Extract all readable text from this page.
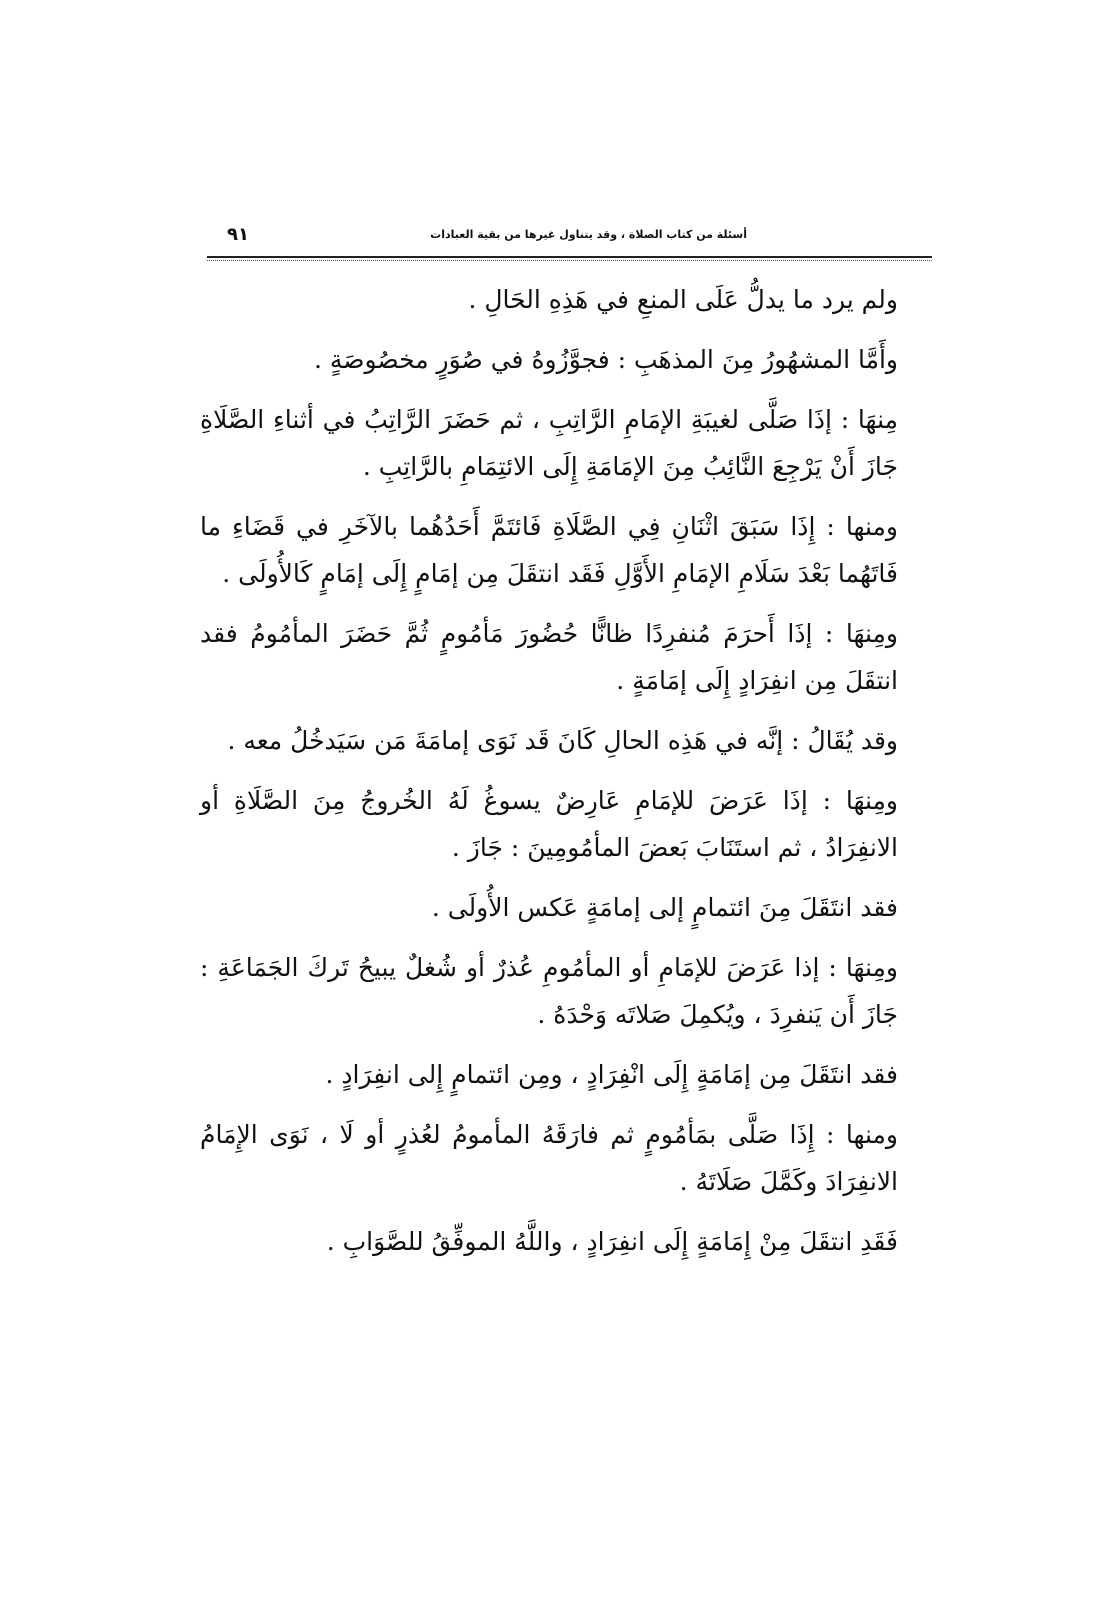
أسئلة من كتاب الصلاة ، وقد يتناول غيرها من بقية العبادات
٩١

ولم يرد ما يدلُّ عَلَى المنعِ في هَذِهِ الحَالِ .

وأَمَّا المشهُورُ مِنَ المذهَبِ : فجوَّزُوهُ في صُوَرٍ مخصُوصَةٍ .

مِنهَا : إذَا صَلَّى لغيبَةِ الإمَامِ الرَّاتِبِ ، ثم حَضَرَ الرَّاتِبُ في أثناءِ الصَّلَاةِ جَازَ أَنْ يَرْجِعَ النَّائِبُ مِنَ الإمَامَةِ إِلَى الائتِمَامِ بالرَّاتِبِ .

ومنها : إِذَا سَبَقَ اثْنَانِ فِي الصَّلَاةِ فَائتَمَّ أَحَدُهُما بالآخَرِ في قَضَاءِ ما فَاتَهُما بَعْدَ سَلَامِ الإمَامِ الأَوَّلِ فَقَد انتقَلَ مِن إمَامٍ إِلَى إمَامٍ كَالأُولَى .

ومِنهَا : إذَا أَحرَمَ مُنفرِدًا ظانًّا حُضُورَ مَأمُومٍ ثُمَّ حَضَرَ المأمُومُ فقد انتقَلَ مِن انفِرَادٍ إِلَى إمَامَةٍ .

وقد يُقَالُ : إنَّه في هَذِه الحالِ كَانَ قَد نَوَى إمامَةَ مَن سَيَدخُلُ معه .

ومِنهَا : إذَا عَرَضَ للإمَامِ عَارِضٌ يسوغُ لَهُ الخُروجُ مِنَ الصَّلَاةِ أو الانفِرَادُ ، ثم استَنَابَ بَعضَ المأمُومِينَ : جَازَ .

فقد انتَقَلَ مِنَ ائتمامٍ إلى إمامَةٍ عَكس الأُولَى .

ومِنهَا : إذا عَرَضَ للإمَامِ أو المأمُومِ عُذرٌ أو شُغلٌ يبيحُ تَركَ الجَمَاعَةِ : جَازَ أَن يَنفرِدَ ، ويُكمِلَ صَلاتَه وَحْدَهُ .

فقد انتَقَلَ مِن إمَامَةٍ إِلَى انْفِرَادٍ ، ومِن ائتمامٍ إِلى انفِرَادٍ .

ومنها : إِذَا صَلَّى بمَأمُومٍ ثم فارَقَهُ المأمومُ لعُذرٍ أو لَا ، نَوَى الإِمَامُ الانفِرَادَ وكَمَّلَ صَلَاتَهُ .

فَقَدِ انتقَلَ مِنْ إِمَامَةٍ إِلَى انفِرَادٍ ، واللَّهُ الموفِّقُ للصَّوَابِ .
